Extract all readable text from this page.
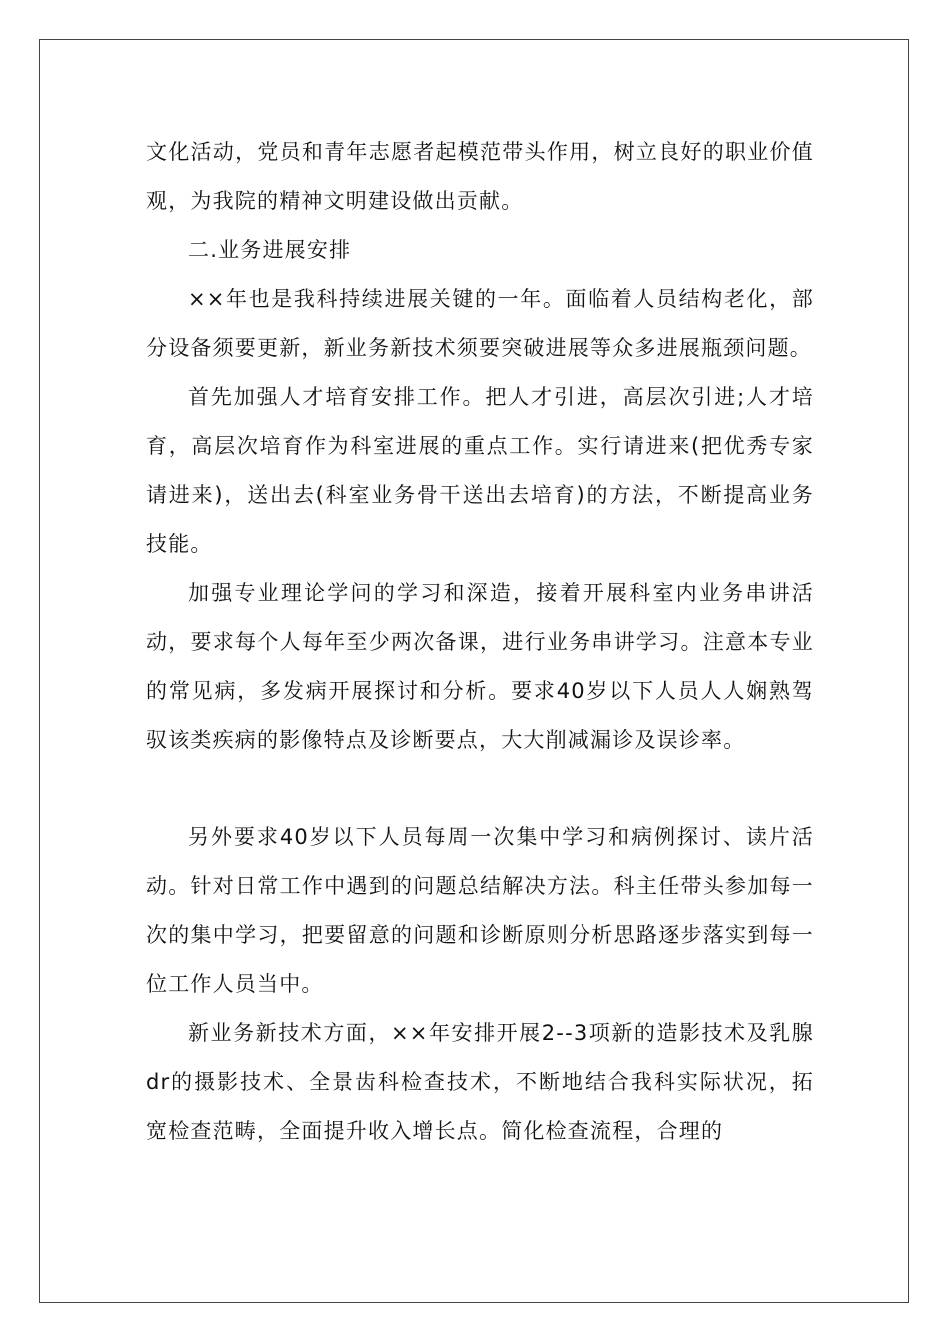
文化活动，党员和青年志愿者起模范带头作用，树立良好的职业价值观，为我院的精神文明建设做出贡献。

二.业务进展安排

××年也是我科持续进展关键的一年。面临着人员结构老化，部分设备须要更新，新业务新技术须要突破进展等众多进展瓶颈问题。

首先加强人才培育安排工作。把人才引进，高层次引进;人才培育，高层次培育作为科室进展的重点工作。实行请进来(把优秀专家请进来)，送出去(科室业务骨干送出去培育)的方法，不断提高业务技能。

加强专业理论学问的学习和深造，接着开展科室内业务串讲活动，要求每个人每年至少两次备课，进行业务串讲学习。注意本专业的常见病，多发病开展探讨和分析。要求40岁以下人员人人娴熟驾驭该类疾病的影像特点及诊断要点，大大削减漏诊及误诊率。

另外要求40岁以下人员每周一次集中学习和病例探讨、读片活动。针对日常工作中遇到的问题总结解决方法。科主任带头参加每一次的集中学习，把要留意的问题和诊断原则分析思路逐步落实到每一位工作人员当中。

新业务新技术方面，××年安排开展2--3项新的造影技术及乳腺dr的摄影技术、全景齿科检查技术，不断地结合我科实际状况，拓宽检查范畴，全面提升收入增长点。简化检查流程，合理的
